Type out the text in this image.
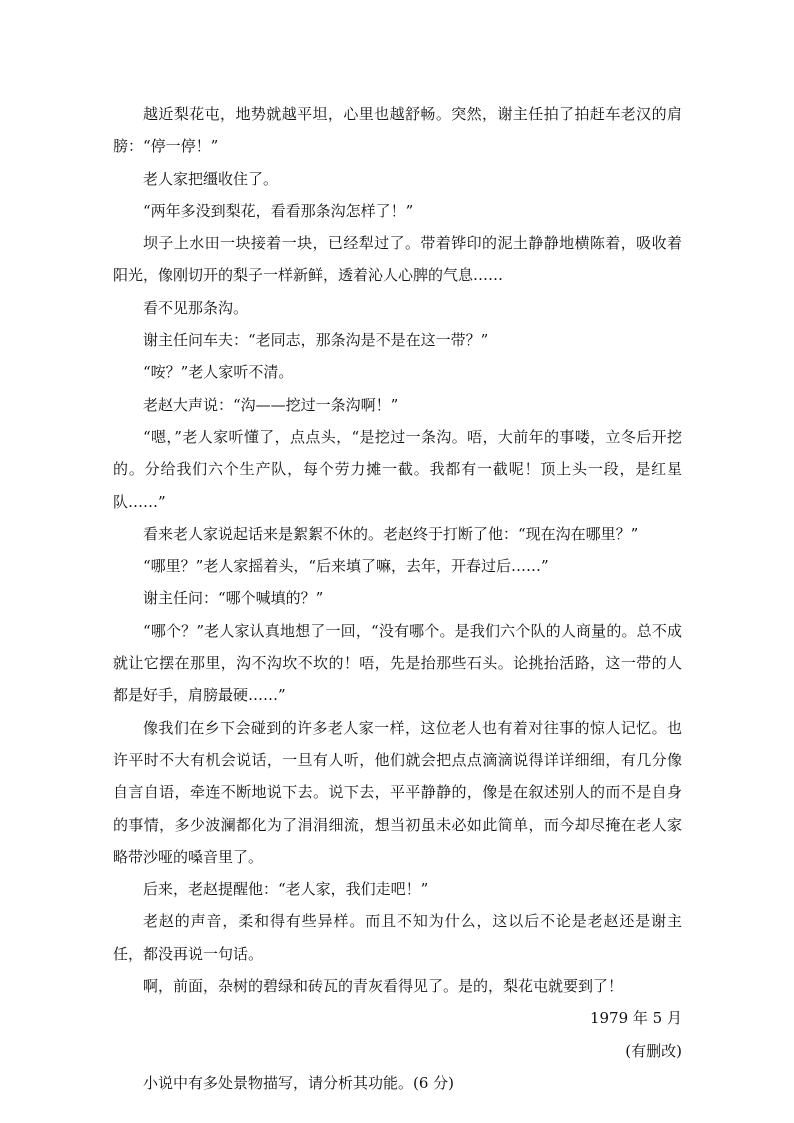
越近梨花屯，地势就越平坦，心里也越舒畅。突然，谢主任拍了拍赶车老汉的肩膀：“停一停！”

老人家把缰收住了。

“两年多没到梨花，看看那条沟怎样了！”

坝子上水田一块接着一块，已经犁过了。带着铧印的泥土静静地横陈着，吸收着阳光，像刚切开的梨子一样新鲜，透着沁人心脾的气息……

看不见那条沟。

谢主任问车夫：“老同志，那条沟是不是在这一带？”

“咹？”老人家听不清。

老赵大声说：“沟——挖过一条沟啊！”

“嗯，”老人家听懂了，点点头，“是挖过一条沟。唔，大前年的事喽，立冬后开挖的。分给我们六个生产队，每个劳力摊一截。我都有一截呢！顶上头一段，是红星队……”

看来老人家说起话来是絮絮不休的。老赵终于打断了他：“现在沟在哪里？”

“哪里？”老人家摇着头，“后来填了嘛，去年，开春过后……”

谢主任问：“哪个喊填的？”

“哪个？”老人家认真地想了一回，“没有哪个。是我们六个队的人商量的。总不成就让它摆在那里，沟不沟坎不坎的！唔，先是抬那些石头。论挑抬活路，这一带的人都是好手，肩膀最硬……”

像我们在乡下会碰到的许多老人家一样，这位老人也有着对往事的惊人记忆。也许平时不大有机会说话，一旦有人听，他们就会把点点滴滴说得详详细细，有几分像自言自语，牵连不断地说下去。说下去，平平静静的，像是在叙述别人的而不是自身的事情，多少波澜都化为了涓涓细流，想当初虽未必如此简单，而今却尽掩在老人家略带沙哑的嗓音里了。

后来，老赵提醒他：“老人家，我们走吧！”

老赵的声音，柔和得有些异样。而且不知为什么，这以后不论是老赵还是谢主任，都没再说一句话。

啊，前面，杂树的碧绿和砖瓦的青灰看得见了。是的，梨花屯就要到了！

1979 年 5 月

(有删改)

小说中有多处景物描写，请分析其功能。(6 分)
